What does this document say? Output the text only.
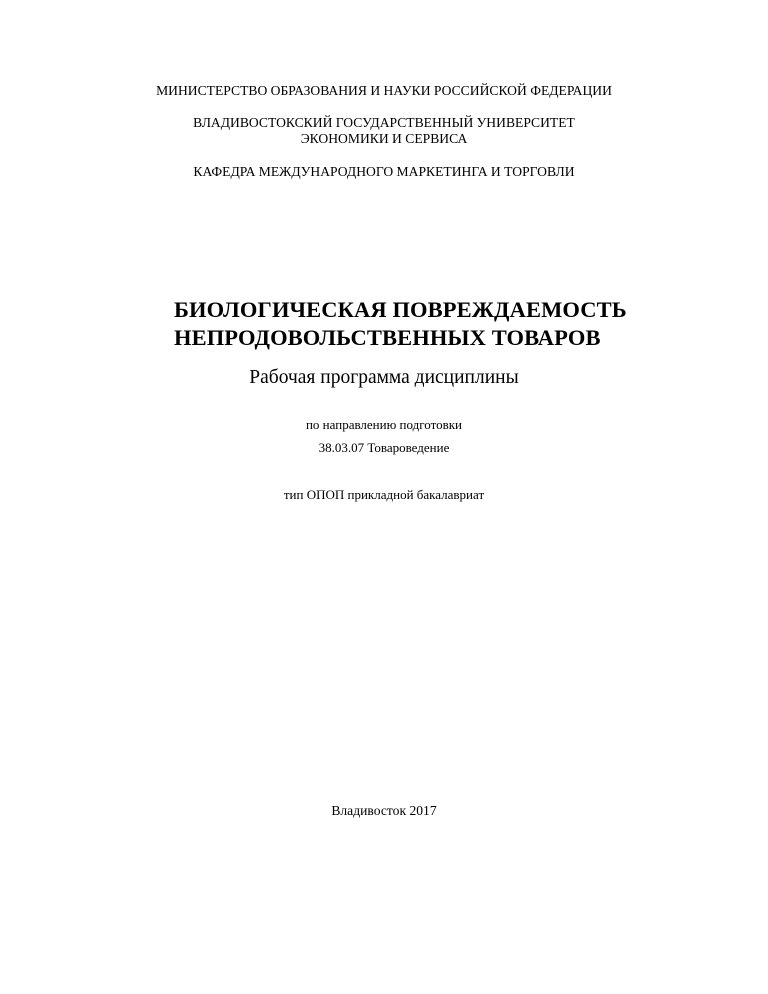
МИНИСТЕРСТВО ОБРАЗОВАНИЯ И НАУКИ РОССИЙСКОЙ ФЕДЕРАЦИИ
ВЛАДИВОСТОКСКИЙ ГОСУДАРСТВЕННЫЙ УНИВЕРСИТЕТ
ЭКОНОМИКИ И СЕРВИСА
КАФЕДРА МЕЖДУНАРОДНОГО МАРКЕТИНГА И ТОРГОВЛИ
БИОЛОГИЧЕСКАЯ ПОВРЕЖДАЕМОСТЬ
НЕПРОДОВОЛЬСТВЕННЫХ ТОВАРОВ
Рабочая программа дисциплины
по направлению подготовки
38.03.07 Товароведение
тип ОПОП прикладной бакалавриат
Владивосток 2017
